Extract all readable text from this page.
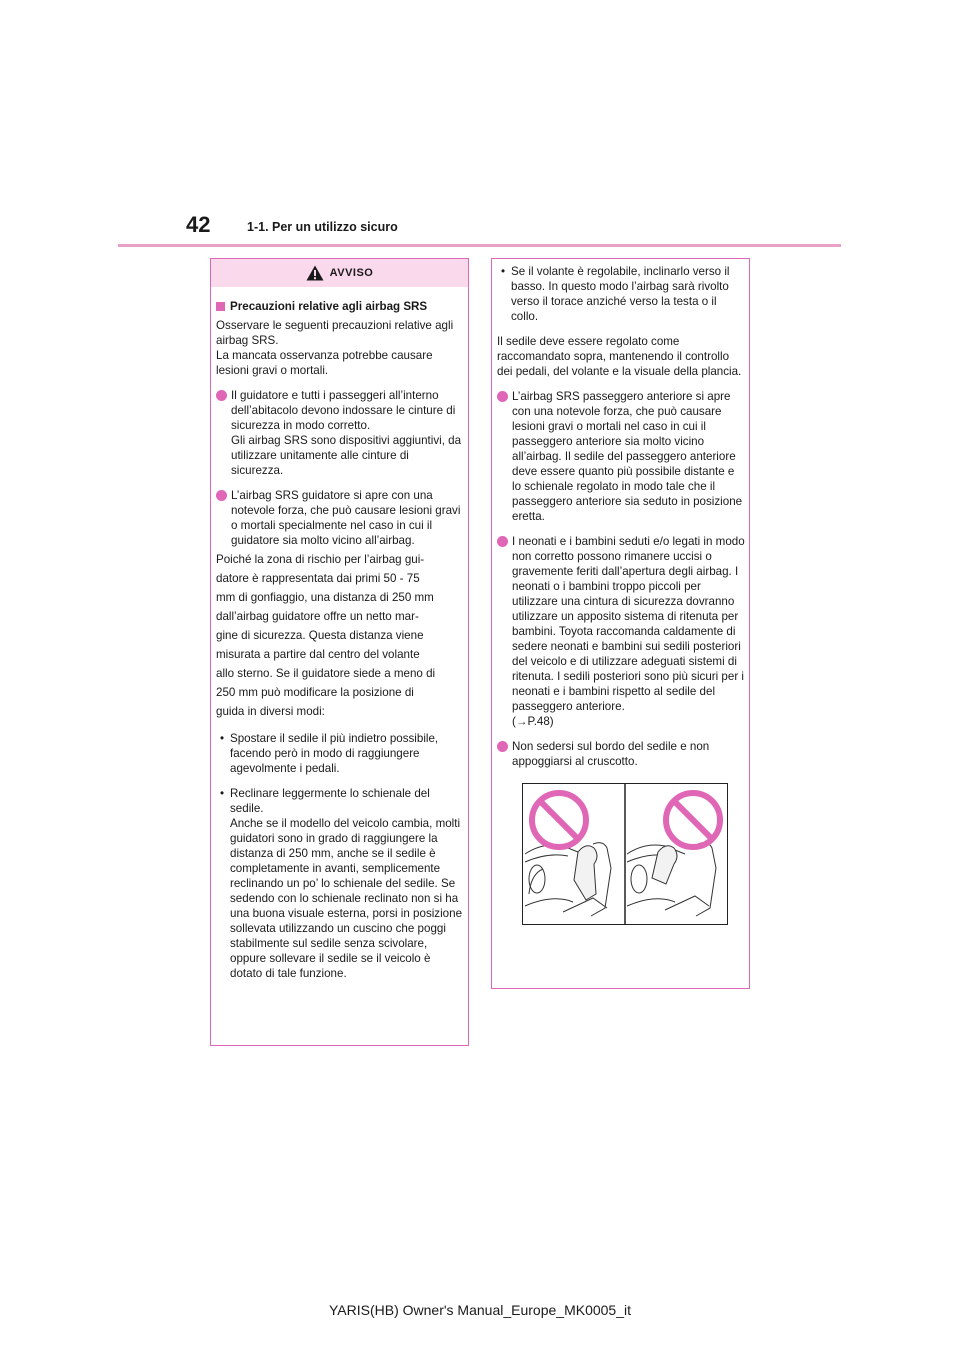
42	1-1. Per un utilizzo sicuro
AVVISO
Precauzioni relative agli airbag SRS

Osservare le seguenti precauzioni relative agli airbag SRS.

La mancata osservanza potrebbe causare lesioni gravi o mortali.

Il guidatore e tutti i passeggeri all’interno dell’abitacolo devono indossare le cinture di sicurezza in modo corretto.

Gli airbag SRS sono dispositivi aggiuntivi, da utilizzare unitamente alle cinture di sicurezza.

L’airbag SRS guidatore si apre con una notevole forza, che può causare lesioni gravi o mortali specialmente nel caso in cui il guidatore sia molto vicino all’airbag.

Poiché la zona di rischio per l’airbag gui-

datore è rappresentata dai primi 50 - 75

mm di gonfiaggio, una distanza di 250 mm

dall’airbag guidatore offre un netto mar-

gine di sicurezza. Questa distanza viene

misurata a partire dal centro del volante

allo sterno. Se il guidatore siede a meno di

250 mm può modificare la posizione di

guida in diversi modi:

• Spostare il sedile il più indietro possibile, facendo però in modo di raggiungere agevolmente i pedali.

• Reclinare leggermente lo schienale del sedile.

Anche se il modello del veicolo cambia, molti guidatori sono in grado di raggiungere la distanza di 250 mm, anche se il sedile è completamente in avanti, semplicemente reclinando un po’ lo schienale del sedile. Se sedendo con lo schienale reclinato non si ha una buona visuale esterna, porsi in posizione sollevata utilizzando un cuscino che poggi stabilmente sul sedile senza scivolare, oppure sollevare il sedile se il veicolo è dotato di tale funzione.

• Se il volante è regolabile, inclinarlo verso il basso. In questo modo l’airbag sarà rivolto verso il torace anziché verso la testa o il collo.

Il sedile deve essere regolato come raccomandato sopra, mantenendo il controllo dei pedali, del volante e la visuale della plancia.

L’airbag SRS passeggero anteriore si apre con una notevole forza, che può causare lesioni gravi o mortali nel caso in cui il passeggero anteriore sia molto vicino all’airbag. Il sedile del passeggero anteriore deve essere quanto più possibile distante e lo schienale regolato in modo tale che il passeggero anteriore sia seduto in posizione eretta.

I neonati e i bambini seduti e/o legati in modo non corretto possono rimanere uccisi o gravemente feriti dall’apertura degli airbag. I neonati o i bambini troppo piccoli per utilizzare una cintura di sicurezza dovranno utilizzare un apposito sistema di ritenuta per bambini. Toyota raccomanda caldamente di sedere neonati e bambini sui sedili posteriori del veicolo e di utilizzare adeguati sistemi di ritenuta. I sedili posteriori sono più sicuri per i neonati e i bambini rispetto al sedile del passeggero anteriore.

(→P.48)

Non sedersi sul bordo del sedile e non appoggiarsi al cruscotto.

YARIS(HB) Owner's Manual_Europe_MK0005_it
